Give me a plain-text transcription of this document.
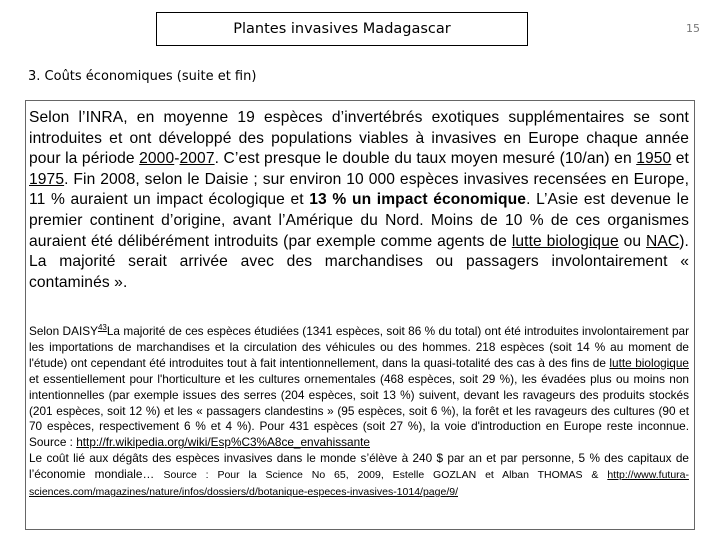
Plantes invasives Madagascar	15
3. Coûts économiques (suite et fin)

Selon l’INRA, en moyenne 19 espèces d’invertébrés exotiques supplémentaires se sont introduites et ont développé des populations viables à invasives en Europe chaque année pour la période 2000-2007. C’est presque le double du taux moyen mesuré (10/an) en 1950 et 1975. Fin 2008, selon le Daisie ; sur environ 10 000 espèces invasives recensées en Europe, 11 % auraient un impact écologique et 13 % un impact économique. L’Asie est devenue le premier continent d’origine, avant l’Amérique du Nord. Moins de 10 % de ces organismes auraient été délibérément introduits (par exemple comme agents de lutte biologique ou NAC). La majorité serait arrivée avec des marchandises ou passagers involontairement « contaminés ».

Selon DAISY$^{43}$La majorité de ces espèces étudiées (1341 espèces, soit 86 % du total) ont été introduites involontairement par les importations de marchandises et la circulation des véhicules ou des hommes. 218 espèces (soit 14 % au moment de l'étude) ont cependant été introduites tout à fait intentionnellement, dans la quasi-totalité des cas à des fins de lutte biologique et essentiellement pour l'horticulture et les cultures ornementales (468 espèces, soit 29 %), les évadées plus ou moins non intentionnelles (par exemple issues des serres (204 espèces, soit 13 %) suivent, devant les ravageurs des produits stockés (201 espèces, soit 12 %) et les « passagers clandestins » (95 espèces, soit 6 %), la forêt et les ravageurs des cultures (90 et 70 espèces, respectivement 6 % et 4 %). Pour 431 espèces (soit 27 %), la voie d'introduction en Europe reste inconnue. Source : http://fr.wikipedia.org/wiki/Esp%C3%A8ce_envahissante

Le coût lié aux dégâts des espèces invasives dans le monde s’élève à 240 $ par an et par personne, 5 % des capitaux de l’économie mondiale… Source : Pour la Science No 65, 2009, Estelle GOZLAN et Alban THOMAS & http://www.futura-sciences.com/magazines/nature/infos/dossiers/d/botanique-especes-invasives-1014/page/9/
